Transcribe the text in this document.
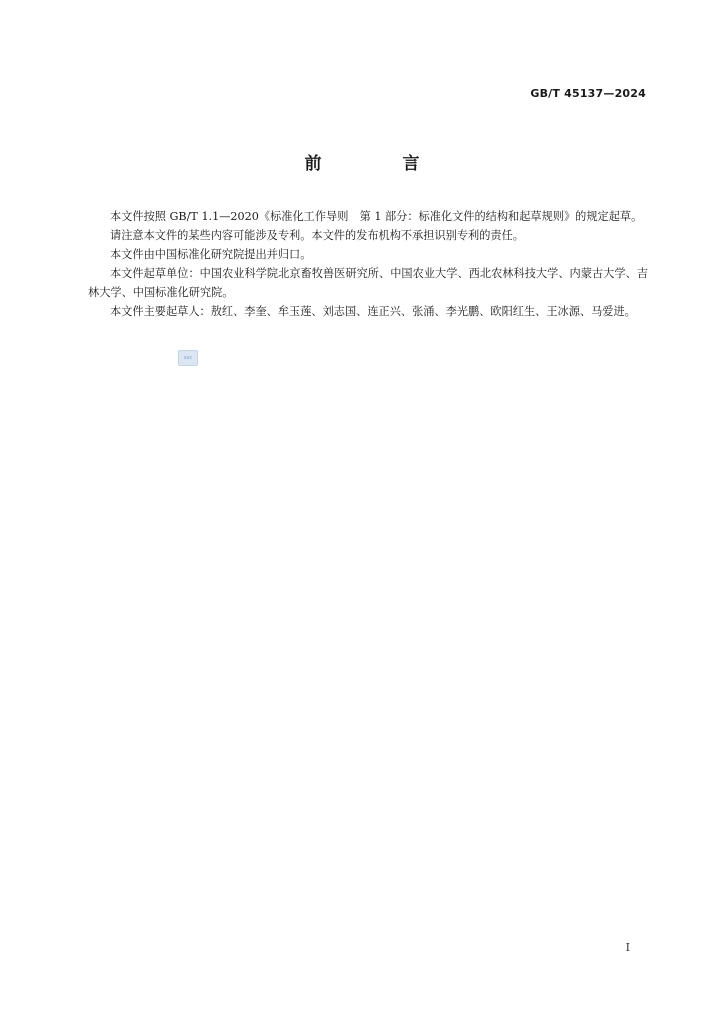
GB/T 45137—2024
前　言

本文件按照 GB/T 1.1—2020《标准化工作导则　第 1 部分：标准化文件的结构和起草规则》的规定起草。

请注意本文件的某些内容可能涉及专利。本文件的发布机构不承担识别专利的责任。

本文件由中国标准化研究院提出并归口。

本文件起草单位：中国农业科学院北京畜牧兽医研究所、中国农业大学、西北农林科技大学、内蒙古大学、吉林大学、中国标准化研究院。

本文件主要起草人：敖红、李奎、牟玉莲、刘志国、连正兴、张涌、李光鹏、欧阳红生、王冰源、马爱进。

sac
I
